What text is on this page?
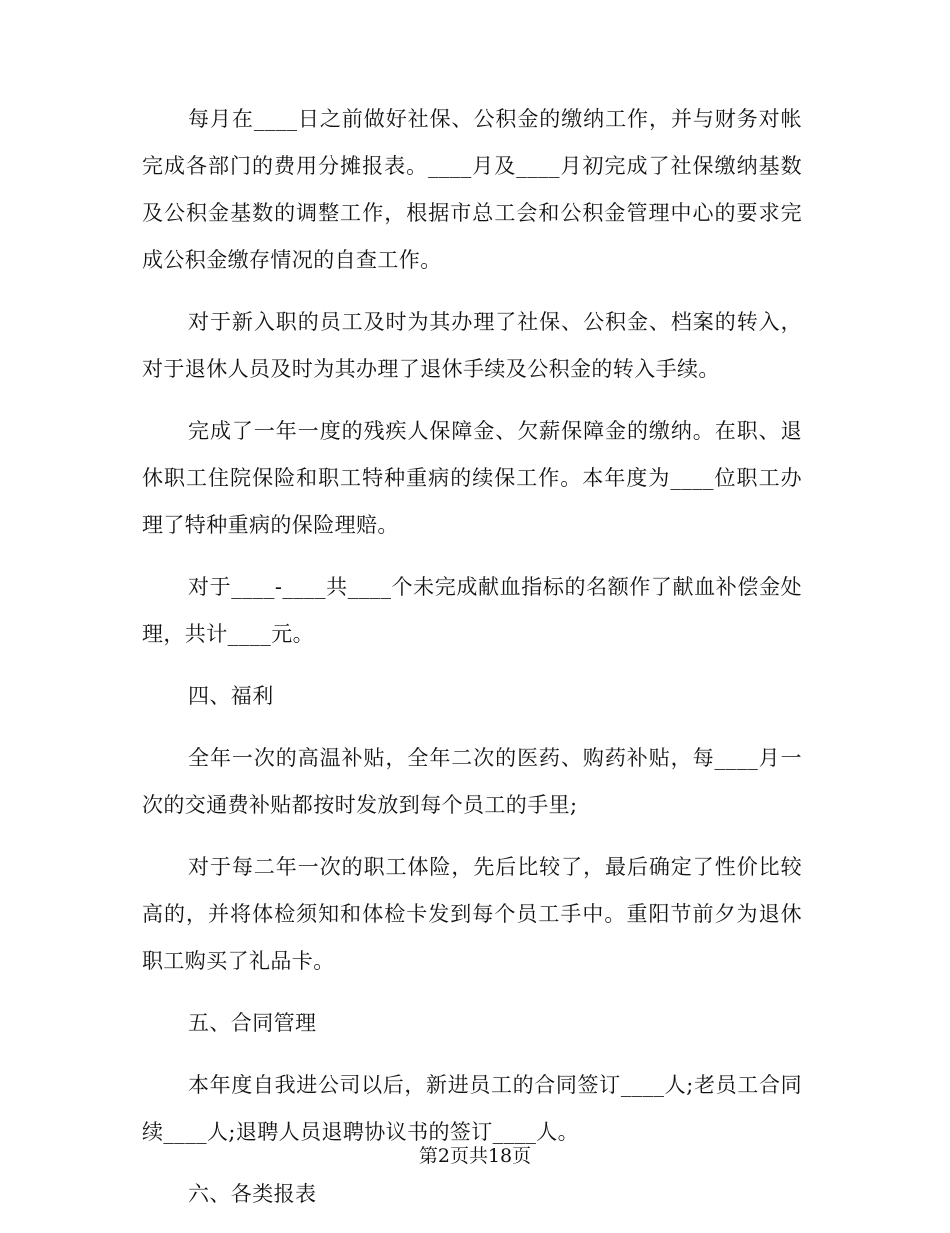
每月在____日之前做好社保、公积金的缴纳工作，并与财务对帐完成各部门的费用分摊报表。____月及____月初完成了社保缴纳基数及公积金基数的调整工作，根据市总工会和公积金管理中心的要求完成公积金缴存情况的自查工作。

对于新入职的员工及时为其办理了社保、公积金、档案的转入，对于退休人员及时为其办理了退休手续及公积金的转入手续。

完成了一年一度的残疾人保障金、欠薪保障金的缴纳。在职、退休职工住院保险和职工特种重病的续保工作。本年度为____位职工办理了特种重病的保险理赔。

对于____-____共____个未完成献血指标的名额作了献血补偿金处理，共计____元。

四、福利

全年一次的高温补贴，全年二次的医药、购药补贴，每____月一次的交通费补贴都按时发放到每个员工的手里;

对于每二年一次的职工体险，先后比较了，最后确定了性价比较高的，并将体检须知和体检卡发到每个员工手中。重阳节前夕为退休职工购买了礼品卡。

五、合同管理

本年度自我进公司以后，新进员工的合同签订____人;老员工合同续____人;退聘人员退聘协议书的签订____人。

六、各类报表

第2页共18页
